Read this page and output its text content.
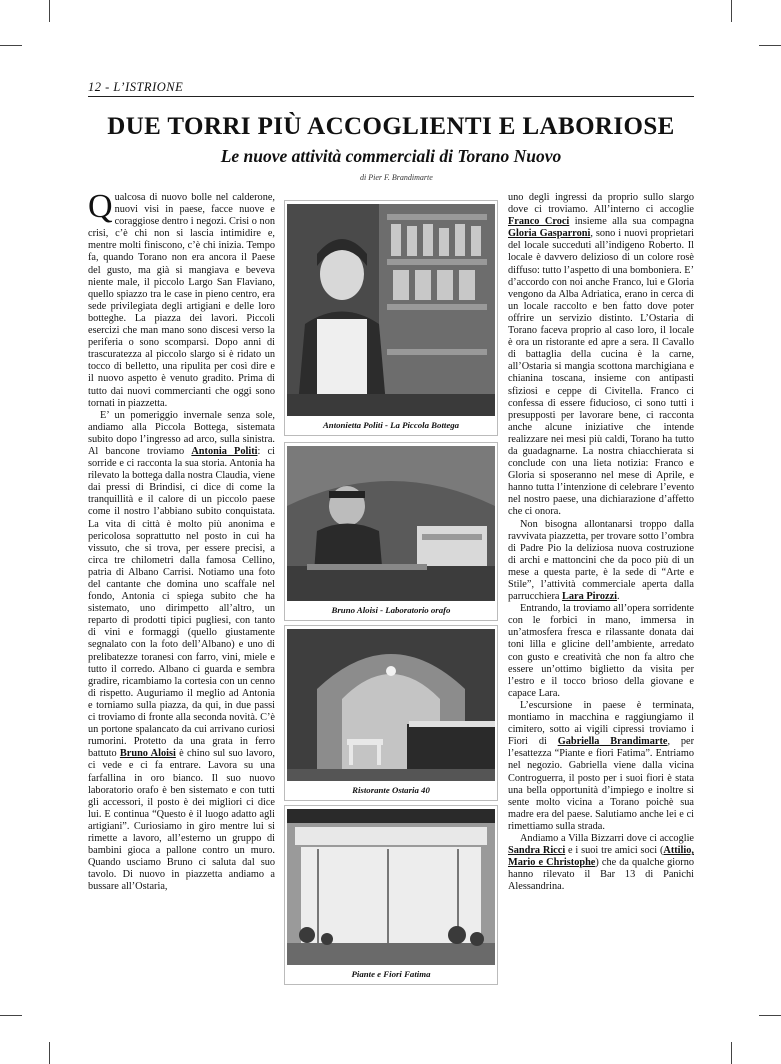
12 - L’ISTRIONE
DUE TORRI PIÙ ACCOGLIENTI E LABORIOSE
Le nuove attività commerciali di Torano Nuovo
di Pier F. Brandimarte

Qualcosa di nuovo bolle nel calderone, nuovi visi in paese, facce nuove e coraggiose dentro i negozi. Crisi o non crisi, c’è chi non si lascia intimidire e, mentre molti finiscono, c’è chi inizia. Tempo fa, quando Torano non era ancora il Paese del gusto, ma già si mangiava e beveva niente male, il piccolo Largo San Flaviano, quello spiazzo tra le case in pieno centro, era sede privilegiata degli artigiani e delle loro botteghe. La piazza dei lavori. Piccoli esercizi che man mano sono discesi verso la periferia o sono scomparsi. Dopo anni di trascuratezza al piccolo slargo si è ridato un tocco di belletto, una ripulita per così dire e il nuovo aspetto è venuto gradito. Prima di tutto dai nuovi commercianti che oggi sono tornati in piazzetta.

E’ un pomeriggio invernale senza sole, andiamo alla Piccola Bottega, sistemata subito dopo l’ingresso ad arco, sulla sinistra. Al bancone troviamo Antonia Politi: ci sorride e ci racconta la sua storia. Antonia ha rilevato la bottega dalla nostra Claudia, viene dai pressi di Brindisi, ci dice di come la tranquillità e il calore di un piccolo paese come il nostro l’abbiano subito conquistata. La vita di città è molto più anonima e pericolosa soprattutto nel posto in cui ha vissuto, che si trova, per essere precisi, a circa tre chilometri dalla famosa Cellino, patria di Albano Carrisi. Notiamo una foto del cantante che domina uno scaffale nel fondo, Antonia ci spiega subito che ha sistemato, uno dirimpetto all’altro, un reparto di prodotti tipici pugliesi, con tanto di vini e formaggi (quello giustamente segnalato con la foto dell’Albano) e uno di prelibatezze toranesi con farro, vini, miele e tutto il corredo. Albano ci guarda e sembra gradire, ricambiamo la cortesia con un cenno di rispetto. Auguriamo il meglio ad Antonia e torniamo sulla piazza, da qui, in due passi ci troviamo di fronte alla seconda novità. C’è un portone spalancato da cui arrivano curiosi rumorini. Protetto da una grata in ferro battuto Bruno Aloisi è chino sul suo lavoro, ci vede e ci fa entrare. Lavora su una farfallina in oro bianco. Il suo nuovo laboratorio orafo è ben sistemato e con tutti gli accessori, il posto è dei migliori ci dice lui. E continua “Questo è il luogo adatto agli artigiani”. Curiosiamo in giro mentre lui si rimette a lavoro, all’esterno un gruppo di bambini gioca a pallone contro un muro. Quando usciamo Bruno ci saluta dal suo tavolo. Di nuovo in piazzetta andiamo a bussare all’Ostaria,

Antonietta Politi - La Piccola Bottega
Bruno Aloisi - Laboratorio orafo
Ristorante Ostaria 40
Piante e Fiori Fatima

uno degli ingressi da proprio sullo slargo dove ci troviamo. All’interno ci accoglie Franco Croci insieme alla sua compagna Gloria Gasparroni, sono i nuovi proprietari del locale succeduti all’indigeno Roberto. Il locale è davvero delizioso di un colore rosè diffuso: tutto l’aspetto di una bomboniera. E’ d’accordo con noi anche Franco, lui e Gloria vengono da Alba Adriatica, erano in cerca di un locale raccolto e ben fatto dove poter offrire un servizio distinto. L’Ostaria di Torano faceva proprio al caso loro, il locale è ora un ristorante ed apre a sera. Il Cavallo di battaglia della cucina è la carne, all’Ostaria si mangia scottona marchigiana e chianina toscana, insieme con antipasti sfiziosi e ceppe di Civitella. Franco ci confessa di essere fiducioso, ci sono tutti i presupposti per lavorare bene, ci racconta anche alcune iniziative che intende realizzare nei mesi più caldi, Torano ha tutto da guadagnarne. La nostra chiacchierata si conclude con una lieta notizia: Franco e Gloria si sposeranno nel mese di Aprile, e hanno tutta l’intenzione di celebrare l’evento nel nostro paese, una dichiarazione d’affetto che ci onora.

Non bisogna allontanarsi troppo dalla ravvivata piazzetta, per trovare sotto l’ombra di Padre Pio la deliziosa nuova costruzione di archi e mattoncini che da poco più di un mese a questa parte, è la sede di “Arte e Stile”, l’attività commerciale aperta dalla parrucchiera Lara Pirozzi.

Entrando, la troviamo all’opera sorridente con le forbici in mano, immersa in un’atmosfera fresca e rilassante donata dai toni lilla e glicine dell’ambiente, arredato con gusto e creatività che non fa altro che essere un’ottimo biglietto da visita per l’estro e il tocco brioso della giovane e capace Lara.

L’escursione in paese è terminata, montiamo in macchina e raggiungiamo il cimitero, sotto ai vigili cipressi troviamo i Fiori di Gabriella Brandimarte, per l’esattezza “Piante e fiori Fatima”. Entriamo nel negozio. Gabriella viene dalla vicina Controguerra, il posto per i suoi fiori è stata una bella opportunità d’impiego e inoltre si sente molto vicina a Torano poichè sua madre era del paese. Salutiamo anche lei e ci rimettiamo sulla strada.

Andiamo a Villa Bizzarri dove ci accoglie Sandra Ricci e i suoi tre amici soci (Attilio, Mario e Christophe) che da qualche giorno hanno rilevato il Bar 13 di Panichi Alessandrina.
